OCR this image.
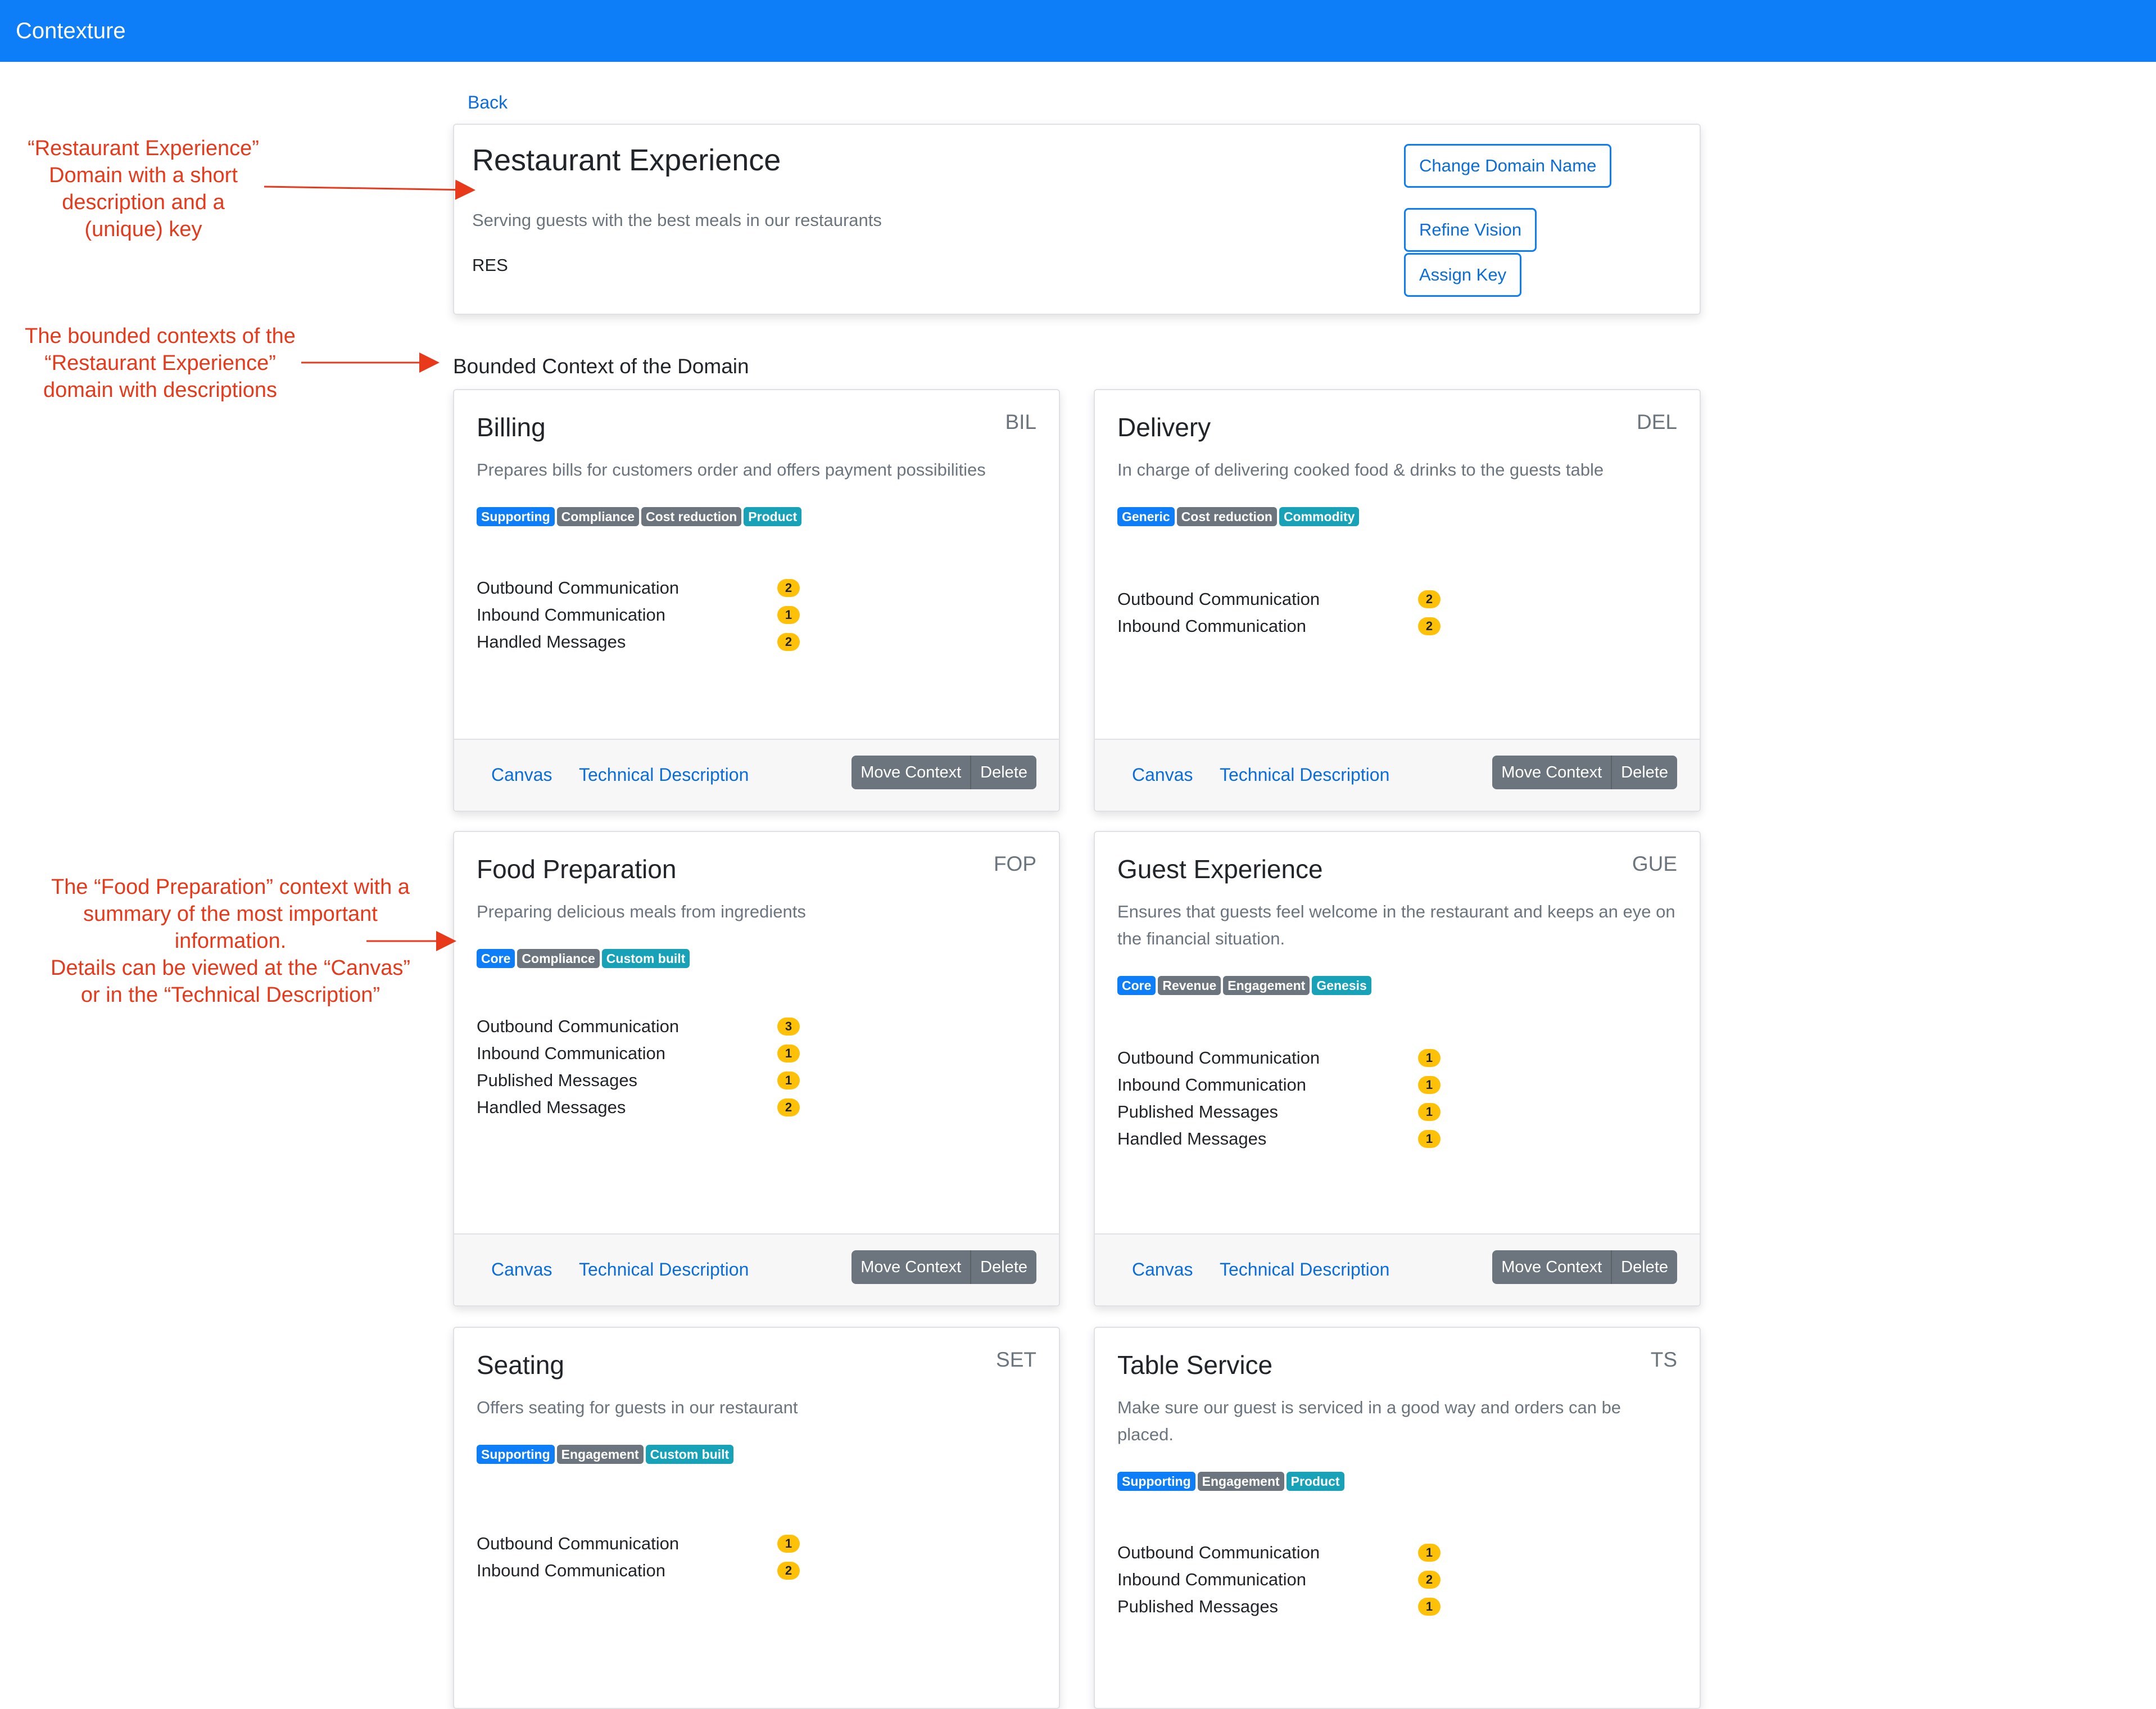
Contexture
Back
Restaurant Experience
Serving guests with the best meals in our restaurants
RES
Change Domain Name
Refine Vision
Assign Key
Bounded Context of the Domain
Billing	BIL
Prepares bills for customers order and offers payment possibilities
Supporting Compliance Cost reduction Product
Outbound Communication	2
Inbound Communication	1
Handled Messages	2
Canvas Technical Description	Move Context	Delete
Delivery	DEL
In charge of delivering cooked food & drinks to the guests table
Generic Cost reduction Commodity
Outbound Communication	2
Inbound Communication	2
Canvas Technical Description	Move Context	Delete
Food Preparation	FOP
Preparing delicious meals from ingredients
Core Compliance Custom built
Outbound Communication	3
Inbound Communication	1
Published Messages	1
Handled Messages	2
Canvas Technical Description	Move Context	Delete
Guest Experience	GUE
Ensures that guests feel welcome in the restaurant and keeps an eye on the financial situation.
Core Revenue Engagement Genesis
Outbound Communication	1
Inbound Communication	1
Published Messages	1
Handled Messages	1
Canvas Technical Description	Move Context	Delete
Seating	SET
Offers seating for guests in our restaurant
Supporting Engagement Custom built
Outbound Communication	1
Inbound Communication	2
Table Service	TS
Make sure our guest is serviced in a good way and orders can be placed.
Supporting Engagement Product
Outbound Communication	1
Inbound Communication	2
Published Messages	1
“Restaurant Experience”
Domain with a short
description and a
(unique) key
The bounded contexts of the
“Restaurant Experience”
domain with descriptions
The “Food Preparation” context with a
summary of the most important
information.
Details can be viewed at the “Canvas”
or in the “Technical Description”
